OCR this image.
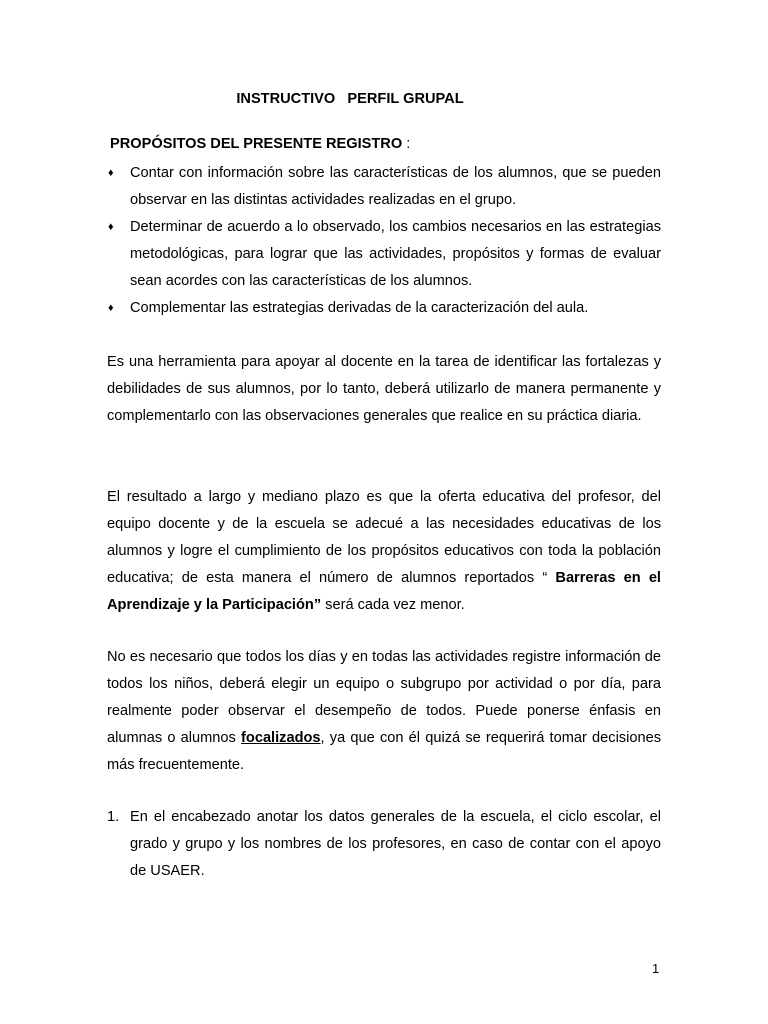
INSTRUCTIVO   PERFIL GRUPAL
PROPÓSITOS DEL PRESENTE REGISTRO :
♦ Contar con información sobre las características de los alumnos, que se pueden observar en las distintas actividades realizadas en el grupo.
♦ Determinar de acuerdo a lo observado, los cambios necesarios en las estrategias metodológicas, para lograr que las actividades, propósitos y formas de evaluar sean acordes con las características de los alumnos.
♦ Complementar las estrategias derivadas de la caracterización del aula.

Es una herramienta para apoyar al docente en la tarea de identificar las fortalezas y debilidades de sus alumnos, por lo tanto, deberá utilizarlo de manera permanente y complementarlo con las observaciones generales que realice en su práctica diaria.

El resultado a largo y mediano plazo es que la oferta educativa del profesor, del equipo docente y de la escuela se adecué a las necesidades educativas de los alumnos y logre el cumplimiento de los propósitos educativos con toda la población educativa; de esta manera el número de alumnos reportados “ Barreras en el Aprendizaje y la Participación” será cada vez menor.

No es necesario que todos los días y en todas las actividades registre información de todos los niños, deberá elegir un equipo o subgrupo por actividad o por día, para realmente poder observar el desempeño de todos. Puede ponerse énfasis en alumnas o alumnos focalizados, ya que con él quizá se requerirá tomar decisiones más frecuentemente.

1. En el encabezado anotar los datos generales de la escuela, el ciclo escolar, el grado y grupo y los nombres de los profesores, en caso de contar con el apoyo de USAER.
1
